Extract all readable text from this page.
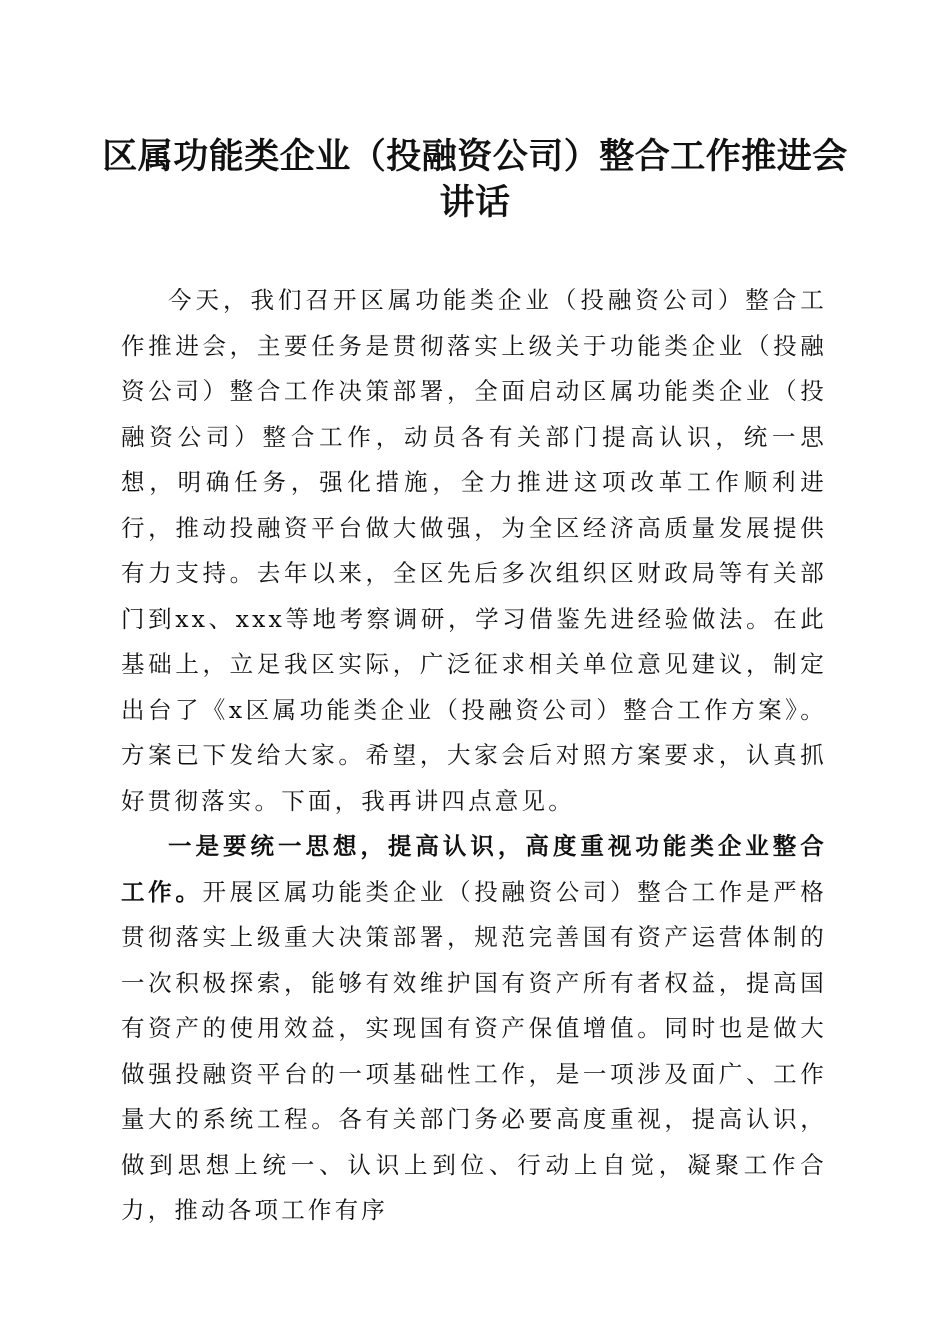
区属功能类企业（投融资公司）整合工作推进会讲话

今天，我们召开区属功能类企业（投融资公司）整合工作推进会，主要任务是贯彻落实上级关于功能类企业（投融资公司）整合工作决策部署，全面启动区属功能类企业（投融资公司）整合工作，动员各有关部门提高认识，统一思想，明确任务，强化措施，全力推进这项改革工作顺利进行，推动投融资平台做大做强，为全区经济高质量发展提供有力支持。去年以来，全区先后多次组织区财政局等有关部门到xx、xxx等地考察调研，学习借鉴先进经验做法。在此基础上，立足我区实际，广泛征求相关单位意见建议，制定出台了《x区属功能类企业（投融资公司）整合工作方案》。方案已下发给大家。希望，大家会后对照方案要求，认真抓好贯彻落实。下面，我再讲四点意见。

一是要统一思想，提高认识，高度重视功能类企业整合工作。开展区属功能类企业（投融资公司）整合工作是严格贯彻落实上级重大决策部署，规范完善国有资产运营体制的一次积极探索，能够有效维护国有资产所有者权益，提高国有资产的使用效益，实现国有资产保值增值。同时也是做大做强投融资平台的一项基础性工作，是一项涉及面广、工作量大的系统工程。各有关部门务必要高度重视，提高认识，做到思想上统一、认识上到位、行动上自觉，凝聚工作合力，推动各项工作有序
